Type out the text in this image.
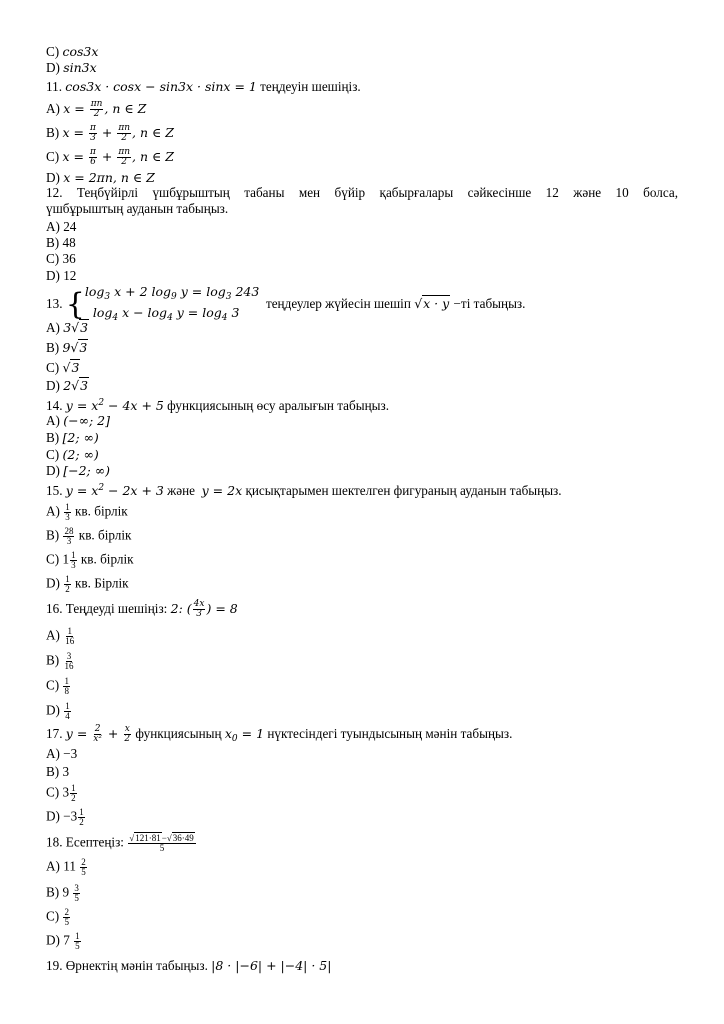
C) cos3x
D) sin3x
11. cos3x · cosx − sin3x · sinx = 1 теңдеуін шешіңіз.
A) $x = \frac{\pi n}{2}$ , n ∈ Z
B) $x = \frac{\pi}{3} + \frac{\pi n}{2}$ , n ∈ Z
C) $x = \frac{\pi}{6} + \frac{\pi n}{2}$ , n ∈ Z
D) x = 2πn, n ∈ Z
12. Теңбүйірлі үшбұрыштың табаны мен бүйір қабырғалары сәйкесінше 12 және 10 болса,
үшбұрыштың ауданын табыңыз.
A) 24
B) 48
C) 36
D) 12
13. { $\log_3 x + 2$ $\log_9 y = \log_3 243$
$\log_4 x - \log_4 y = \log_4 3$
теңдеулер жүйесін шешіп √x · y −ті табыңыз.
A) 3√3
B) 9√3
C) √3
D) 2√3
14. $y = x^2 - 4x + 5$ функциясының өсу аралығын табыңыз.
A) (−∞; 2]
B) [2; ∞)
C) (2; ∞)
D) [−2; ∞)
15. $y = x^2 - 2x + 3$ және  y = 2x қисықтарымен шектелген фигураның ауданын табыңыз.
$A) \frac{1}{3}$ кв. бірлік
$B) \frac{28}{3}$ кв. бірлік
C) $1 \frac{1}{3}$ кв. бірлік
$D) \frac{1}{2}$ кв. Бірлік
16. Теңдеуді шешіңіз: 2: ( $\frac{4x}{3}$ ) = 8
$A) \frac{1}{16}$
$B) \frac{3}{16}$
$C) \frac{1}{8}$
$D) \frac{1}{4}$
17. $y = \frac{2}{\text{x²}} + \frac{x}{2}$ функциясының $x_0 = 1$ нүктесіндегі туындысының мәнін табыңыз.
A) −3
B) 3
C) $3 \frac{1}{2}$
$D) -3 \frac{1}{2}$
18. Есептеңіз: $\frac{√121\cdot 81-√36\cdot 49}{5}$
A) $11 \frac{2}{5}$
B) $9 \frac{3}{5}$
$C) \frac{2}{5}$
D) $7 \frac{1}{5}$
19. Өрнектің мәнін табыңыз. |8 · |−6| + |−4| · 5|
